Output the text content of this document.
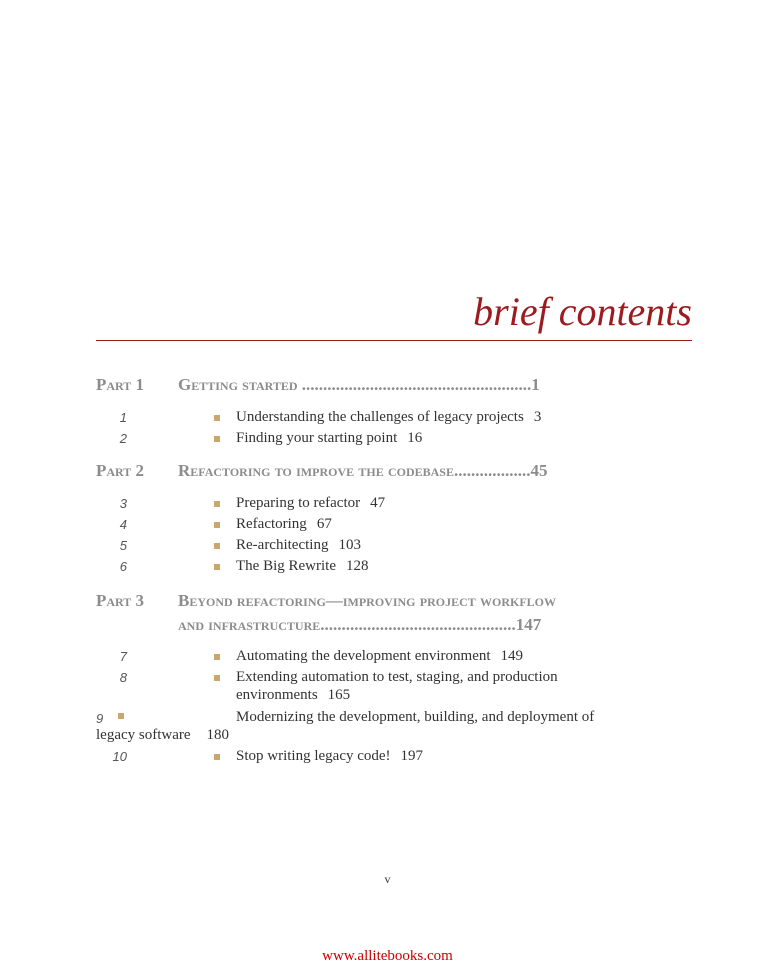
brief contents
Part 1 Getting started ......................................................1
1	Understanding the challenges of legacy projects 3
2	Finding your starting point 16
Part 2 Refactoring to improve the codebase..................45
3	Preparing to refactor 47
4	Refactoring 67
5	Re-architecting 103
6	The Big Rewrite 128
Part 3 Beyond refactoring—improving project workflow
and infrastructure..............................................147
7	Automating the development environment 149
8	Extending automation to test, staging, and production
environments 165
9	Modernizing the development, building, and deployment of
legacy software 180
10	Stop writing legacy code! 197
v
www.allitebooks.com
